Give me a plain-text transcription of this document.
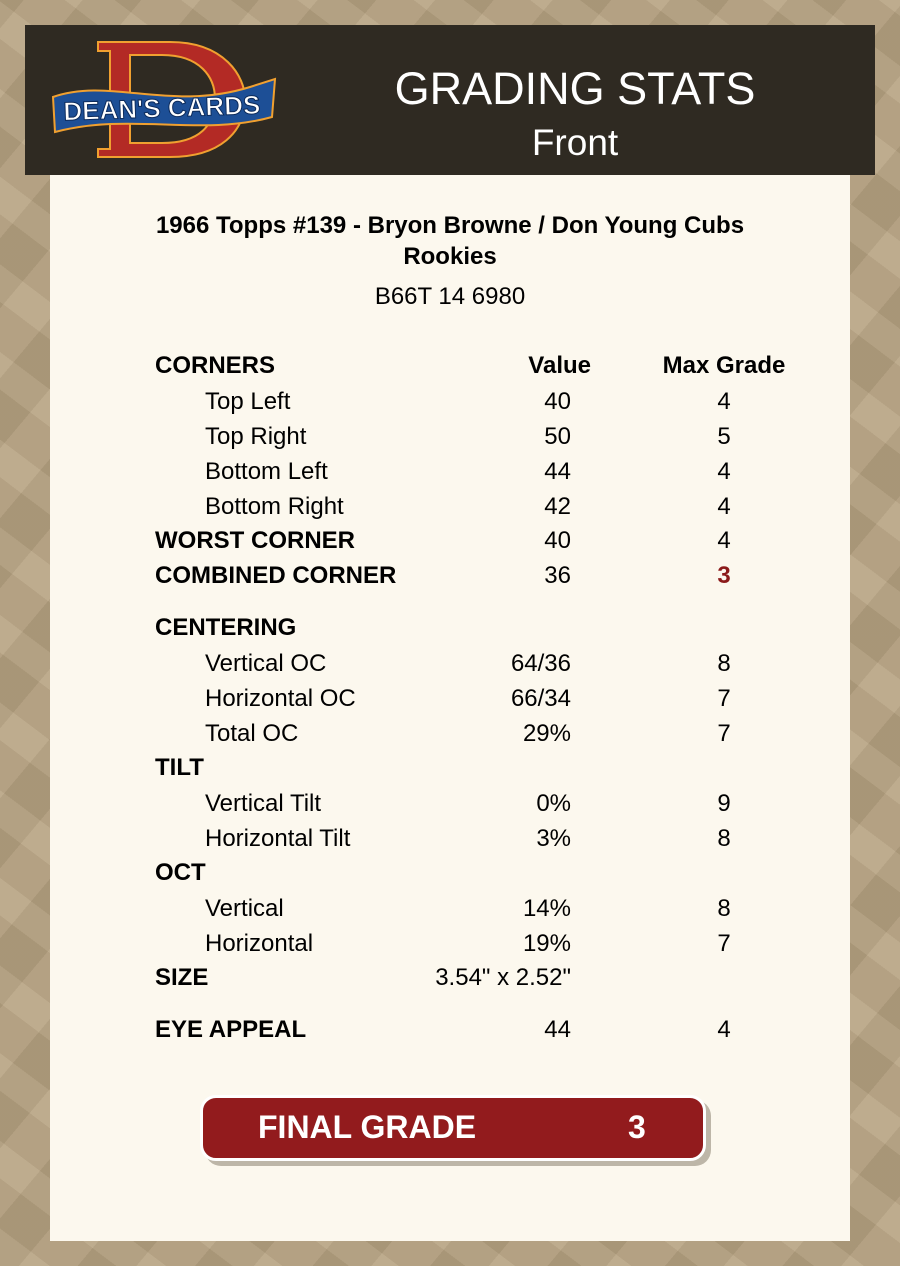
DEAN'S CARDS	GRADING STATS
Front
1966 Topps #139 - Bryon Browne / Don Young Cubs
Rookies
B66T 14 6980
CORNERS	Value	Max Grade
Top Left	40	4
Top Right	50	5
Bottom Left	44	4
Bottom Right	42	4
WORST CORNER	40	4
COMBINED CORNER	36	3
CENTERING
Vertical OC	64/36	8
Horizontal OC	66/34	7
Total OC	29%	7
TILT
Vertical Tilt	0%	9
Horizontal Tilt	3%	8
OCT
Vertical	14%	8
Horizontal	19%	7
SIZE	3.54" x 2.52"
EYE APPEAL	44	4
FINAL GRADE	3
